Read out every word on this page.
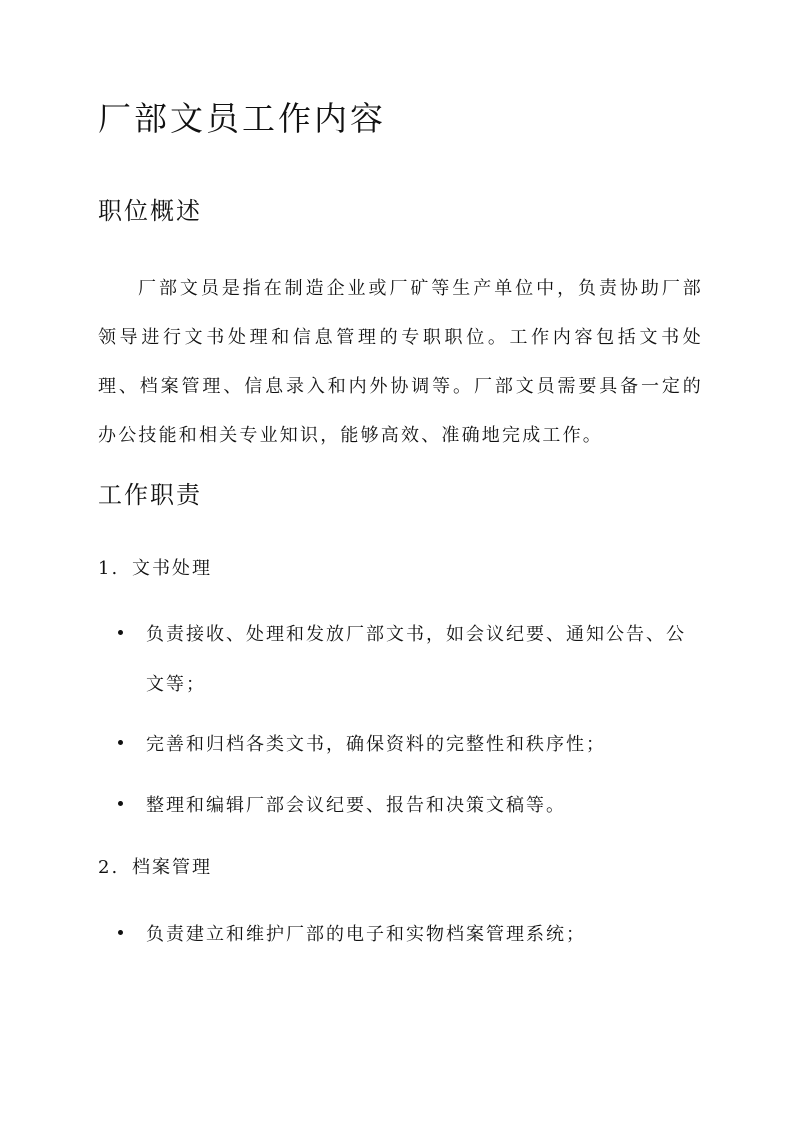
厂部文员工作内容
职位概述

厂部文员是指在制造企业或厂矿等生产单位中，负责协助厂部领导进行文书处理和信息管理的专职职位。工作内容包括文书处理、档案管理、信息录入和内外协调等。厂部文员需要具备一定的办公技能和相关专业知识，能够高效、准确地完成工作。

工作职责
1. 文书处理
负责接收、处理和发放厂部文书，如会议纪要、通知公告、公文等；
完善和归档各类文书，确保资料的完整性和秩序性；
整理和编辑厂部会议纪要、报告和决策文稿等。
2. 档案管理
负责建立和维护厂部的电子和实物档案管理系统；
